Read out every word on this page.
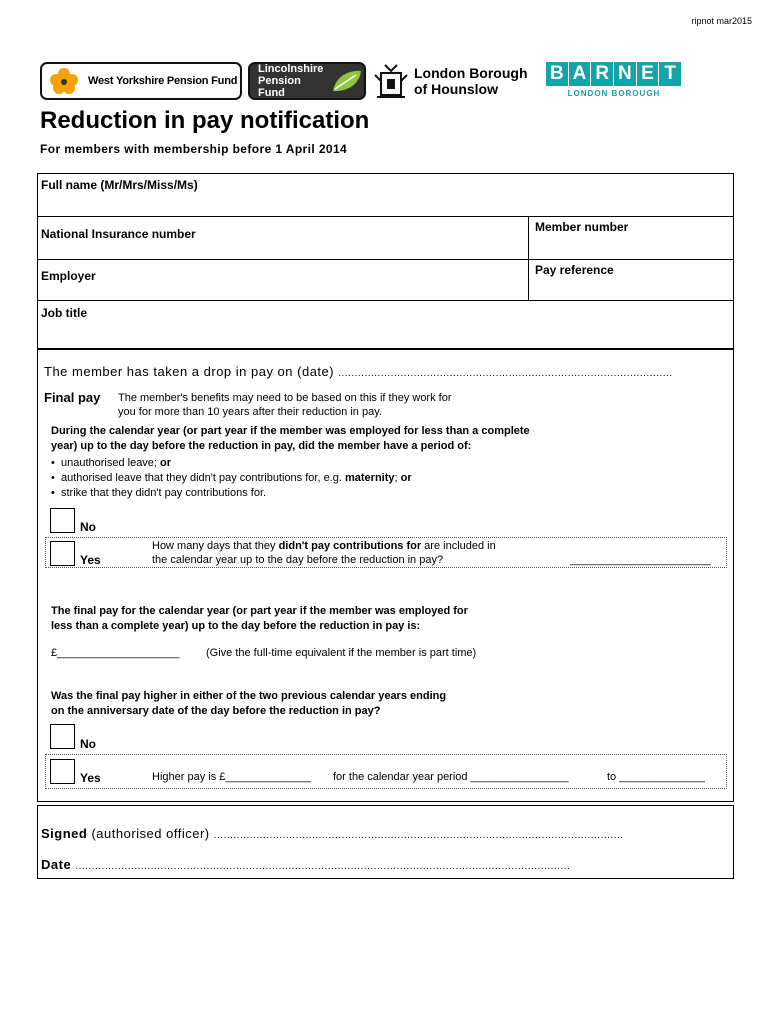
ripnot mar2015
West Yorkshire Pension Fund
Lincolnshire
Pension Fund
London Borough
of Hounslow
B A R N E T
LONDON BOROUGH
Reduction in pay notification
For members with membership before 1 April 2014
Full name (Mr/Mrs/Miss/Ms)
National Insurance number	Member number
Employer	Pay reference
Job title
The member has taken a drop in pay on (date) ......................................................................................................
Final pay The member's benefits may need to be based on this if they work for
you for more than 10 years after their reduction in pay.
During the calendar year (or part year if the member was employed for less than a complete
year) up to the day before the reduction in pay, did the member have a period of:
•  unauthorised leave; or
•  authorised leave that they didn't pay contributions for, e.g. maternity; or
•  strike that they didn't pay contributions for.
No
Yes
How many days that they didn't pay contributions for are included in
the calendar year up to the day before the reduction in pay?	_______________________
The final pay for the calendar year (or part year if the member was employed for
less than a complete year) up to the day before the reduction in pay is:
£____________________ (Give the full-time equivalent if the member is part time)
Was the final pay higher in either of the two previous calendar years ending
on the anniversary date of the day before the reduction in pay?
No
Yes	Higher pay is £______________ for the calendar year period ________________	to ______________
Signed (authorised officer) .............................................................................................................................
Date .......................................................................................................................................................
